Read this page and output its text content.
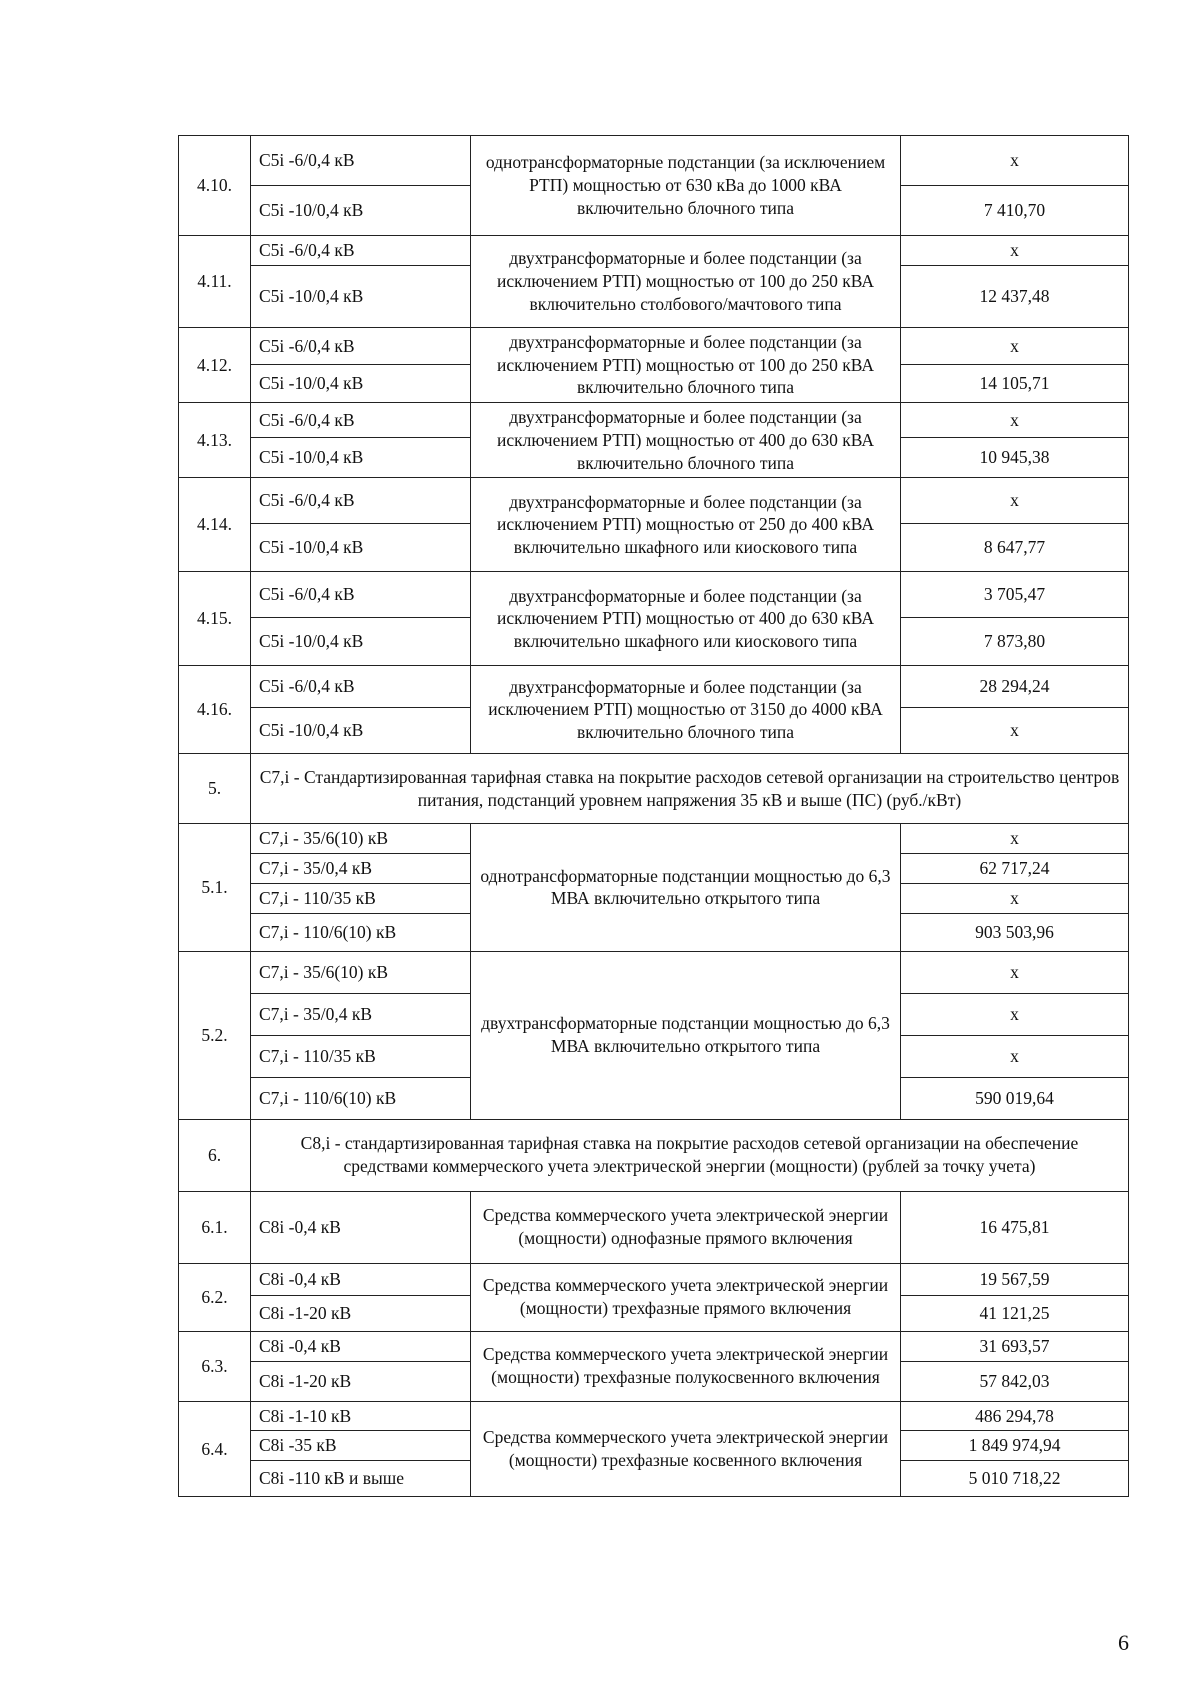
4.10.	C5i -6/0,4 кВ	однотрансформаторные подстанции (за исключением РТП) мощностью от 630 кВа до 1000 кВА включительно блочного типа	х
	C5i -10/0,4 кВ		7 410,70
4.11.	C5i -6/0,4 кВ	двухтрансформаторные и более подстанции (за исключением РТП) мощностью от 100 до 250 кВА включительно столбового/мачтового типа	х
	C5i -10/0,4 кВ		12 437,48
4.12.	C5i -6/0,4 кВ	двухтрансформаторные и более подстанции (за исключением РТП) мощностью от 100 до 250 кВА включительно блочного типа	х
	C5i -10/0,4 кВ		14 105,71
4.13.	C5i -6/0,4 кВ	двухтрансформаторные и более подстанции (за исключением РТП) мощностью от 400 до 630 кВА включительно блочного типа	х
	C5i -10/0,4 кВ		10 945,38
4.14.	C5i -6/0,4 кВ	двухтрансформаторные и более подстанции (за исключением РТП) мощностью от 250 до 400 кВА включительно шкафного или киоскового типа	х
	C5i -10/0,4 кВ		8 647,77
4.15.	C5i -6/0,4 кВ	двухтрансформаторные и более подстанции (за исключением РТП) мощностью от 400 до 630 кВА включительно шкафного или киоскового типа	3 705,47
	C5i -10/0,4 кВ		7 873,80
4.16.	C5i -6/0,4 кВ	двухтрансформаторные и более подстанции (за исключением РТП) мощностью от 3150 до 4000 кВА включительно блочного типа	28 294,24
	C5i -10/0,4 кВ		х
5.	С7,i - Стандартизированная тарифная ставка на покрытие расходов сетевой организации на строительство центров питания, подстанций уровнем напряжения 35 кВ и выше (ПС) (руб./кВт)		
5.1.	С7,i - 35/6(10) кВ	однотрансформаторные подстанции мощностью до 6,3 МВА включительно открытого типа	х
	С7,i - 35/0,4 кВ		62 717,24
	С7,i - 110/35 кВ		х
	С7,i - 110/6(10) кВ		903 503,96
5.2.	С7,i - 35/6(10) кВ	двухтрансформаторные подстанции мощностью до 6,3 МВА включительно открытого типа	х
	С7,i - 35/0,4 кВ		х
	С7,i - 110/35 кВ		х
	С7,i - 110/6(10) кВ		590 019,64
6.	С8,i - стандартизированная тарифная ставка на покрытие расходов сетевой организации на обеспечение средствами коммерческого учета электрической энергии (мощности) (рублей за точку учета)		
6.1.	C8i -0,4 кВ	Средства коммерческого учета электрической энергии (мощности) однофазные прямого включения	16 475,81
6.2.	C8i -0,4 кВ	Средства коммерческого учета электрической энергии (мощности) трехфазные прямого включения	19 567,59
	C8i -1-20 кВ		41 121,25
6.3.	C8i -0,4 кВ	Средства коммерческого учета электрической энергии (мощности) трехфазные полукосвенного включения	31 693,57
	C8i -1-20 кВ		57 842,03
6.4.	C8i -1-10 кВ	Средства коммерческого учета электрической энергии (мощности) трехфазные косвенного включения	486 294,78
	C8i -35 кВ		1 849 974,94
	C8i -110 кВ и выше		5 010 718,22
6
